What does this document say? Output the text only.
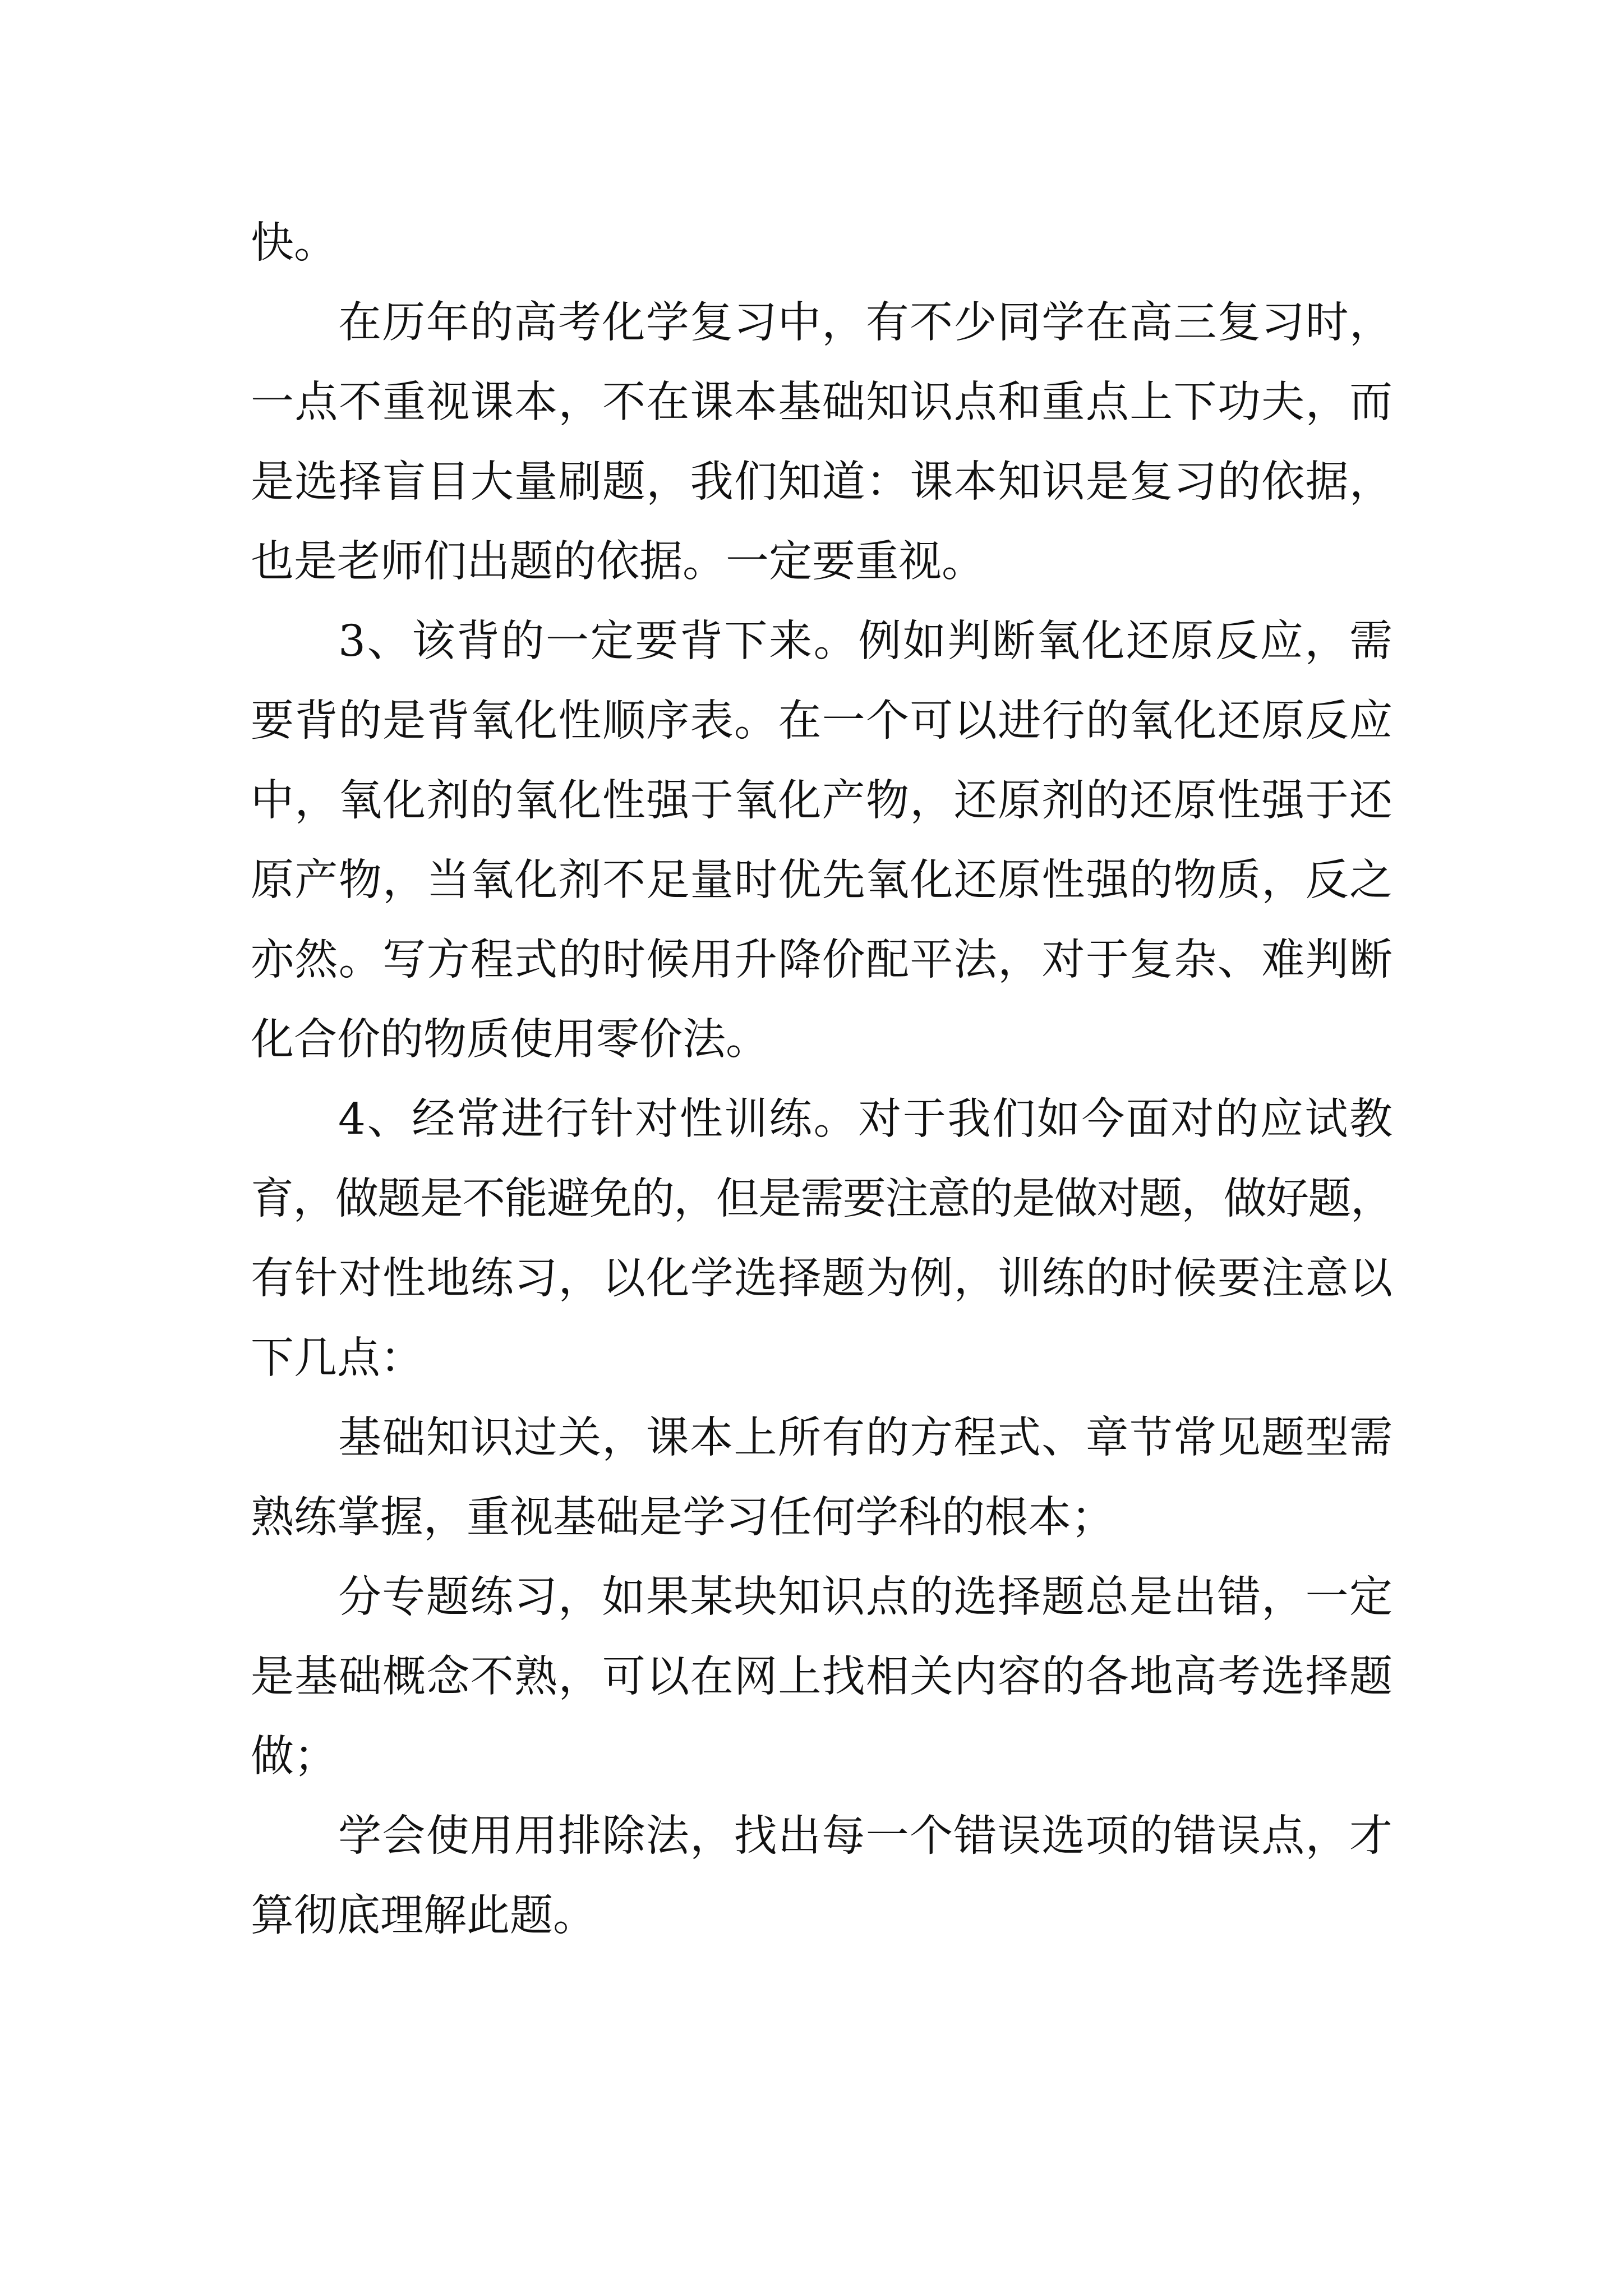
快。
在历年的高考化学复习中，有不少同学在高三复习时，
一点不重视课本，不在课本基础知识点和重点上下功夫，而
是选择盲目大量刷题，我们知道：课本知识是复习的依据，
也是老师们出题的依据。一定要重视。
3、该背的一定要背下来。例如判断氧化还原反应，需
要背的是背氧化性顺序表。在一个可以进行的氧化还原反应
中，氧化剂的氧化性强于氧化产物，还原剂的还原性强于还
原产物，当氧化剂不足量时优先氧化还原性强的物质，反之
亦然。写方程式的时候用升降价配平法，对于复杂、难判断
化合价的物质使用零价法。
4、经常进行针对性训练。对于我们如今面对的应试教
育，做题是不能避免的，但是需要注意的是做对题，做好题，
有针对性地练习，以化学选择题为例，训练的时候要注意以
下几点：
基础知识过关，课本上所有的方程式、章节常见题型需
熟练掌握，重视基础是学习任何学科的根本；
分专题练习，如果某块知识点的选择题总是出错，一定
是基础概念不熟，可以在网上找相关内容的各地高考选择题
做；
学会使用用排除法，找出每一个错误选项的错误点，才
算彻底理解此题。
